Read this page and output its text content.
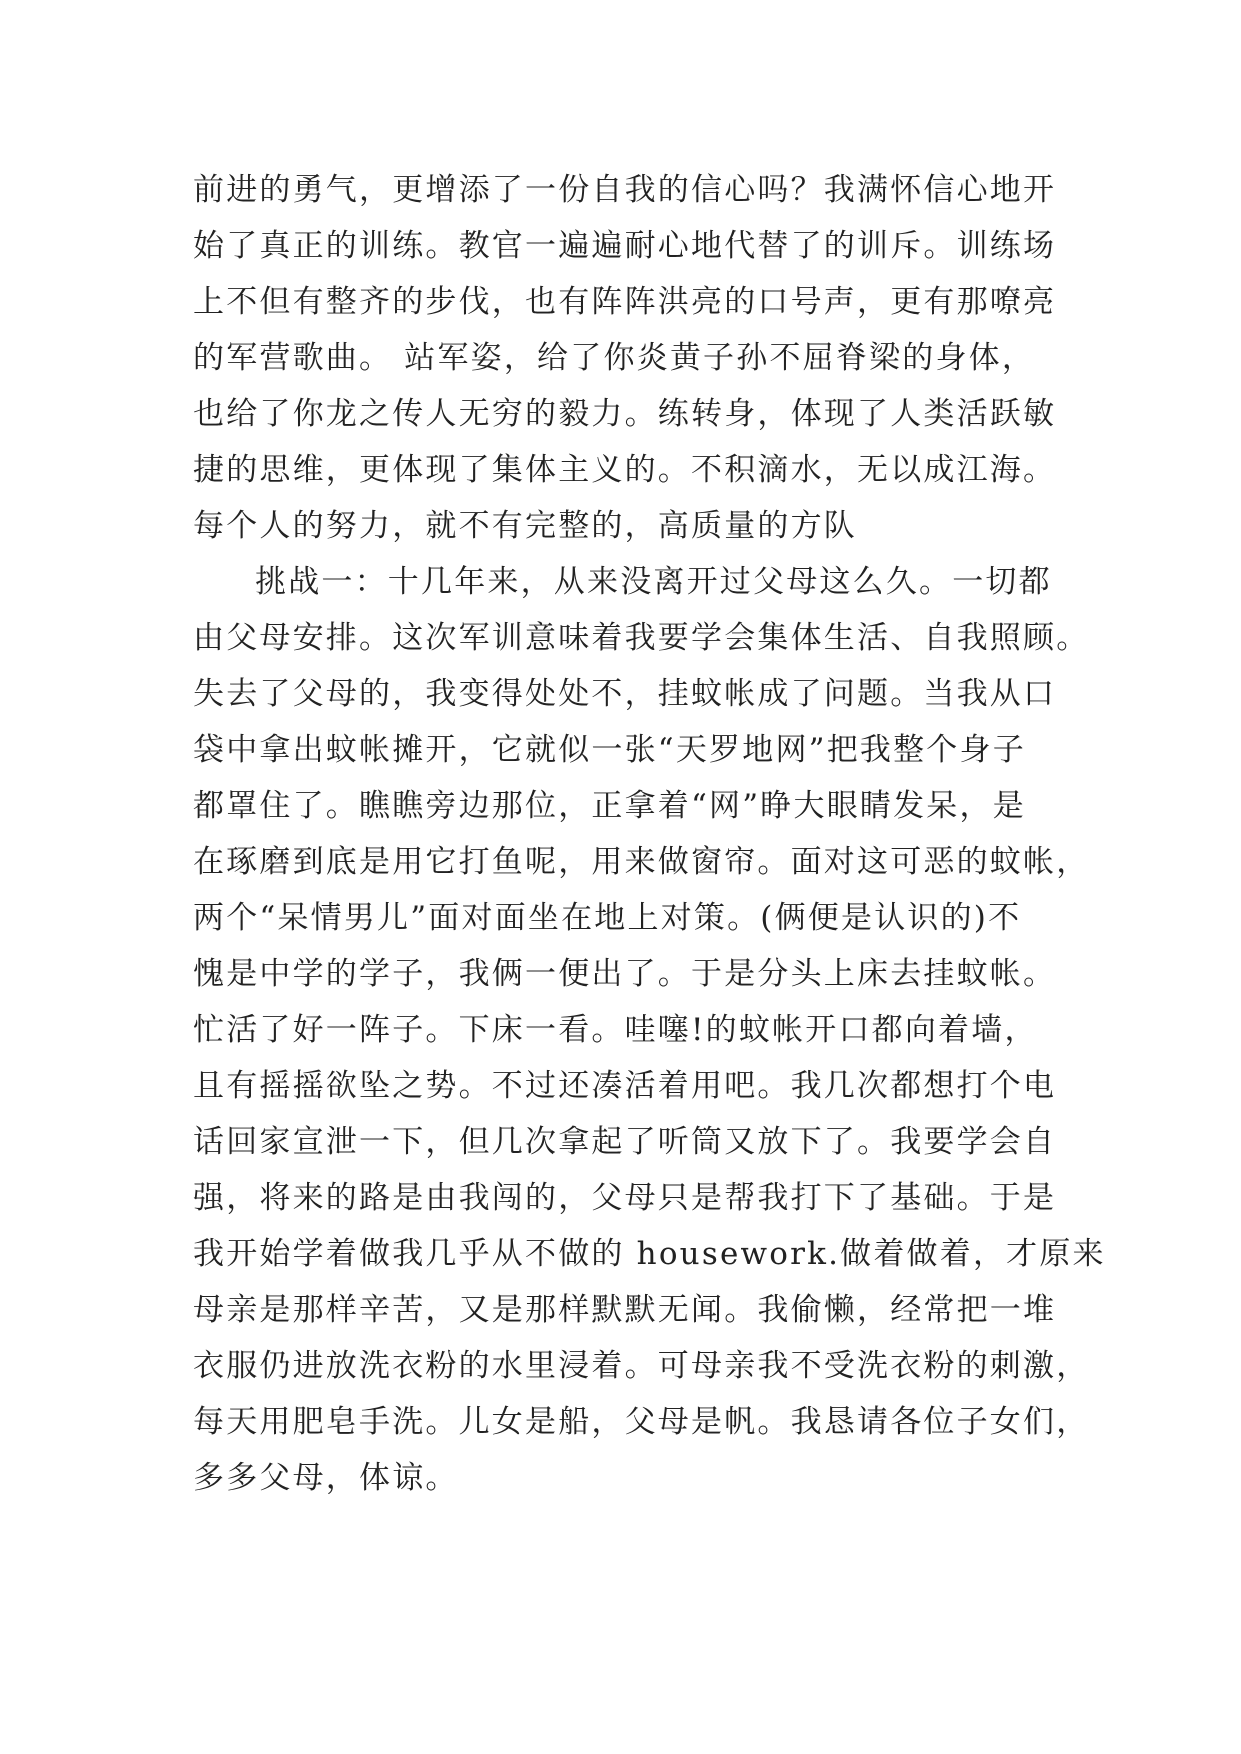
前进的勇气，更增添了一份自我的信心吗？我满怀信心地开
始了真正的训练。教官一遍遍耐心地代替了的训斥。训练场
上不但有整齐的步伐，也有阵阵洪亮的口号声，更有那嘹亮
的军营歌曲。 站军姿，给了你炎黄子孙不屈脊梁的身体，
也给了你龙之传人无穷的毅力。练转身，体现了人类活跃敏
捷的思维，更体现了集体主义的。不积滴水，无以成江海。
每个人的努力，就不有完整的，高质量的方队
挑战一：十几年来，从来没离开过父母这么久。一切都
由父母安排。这次军训意味着我要学会集体生活、自我照顾。
失去了父母的，我变得处处不，挂蚊帐成了问题。当我从口
袋中拿出蚊帐摊开，它就似一张“天罗地网”把我整个身子
都罩住了。瞧瞧旁边那位，正拿着“网”睁大眼睛发呆，是
在琢磨到底是用它打鱼呢，用来做窗帘。面对这可恶的蚊帐，
两个“呆情男儿”面对面坐在地上对策。(俩便是认识的)不
愧是中学的学子，我俩一便出了。于是分头上床去挂蚊帐。
忙活了好一阵子。下床一看。哇噻!的蚊帐开口都向着墙，
且有摇摇欲坠之势。不过还凑活着用吧。我几次都想打个电
话回家宣泄一下，但几次拿起了听筒又放下了。我要学会自
强，将来的路是由我闯的，父母只是帮我打下了基础。于是
我开始学着做我几乎从不做的 housework.做着做着，才原来
母亲是那样辛苦，又是那样默默无闻。我偷懒，经常把一堆
衣服仍进放洗衣粉的水里浸着。可母亲我不受洗衣粉的刺激，
每天用肥皂手洗。儿女是船，父母是帆。我恳请各位子女们，
多多父母，体谅。
